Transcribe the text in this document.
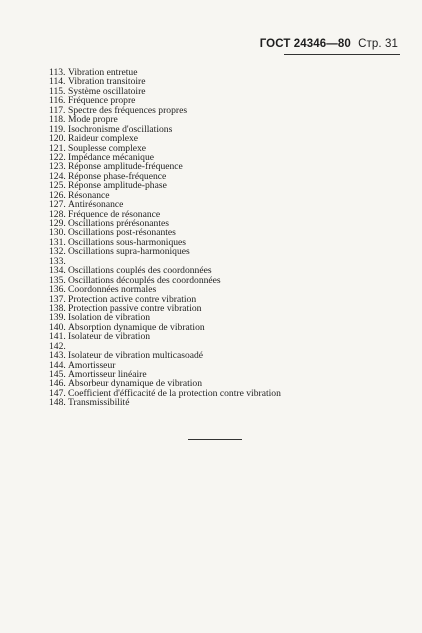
ГОСТ 24346—80 Стр. 31
113. Vibration entretue
114. Vibration transitoire
115. Système oscillatoire
116. Fréquence propre
117. Spectre des fréquences propres
118. Mode propre
119. Isochronisme d'oscillations
120. Raideur complexe
121. Souplesse complexe
122. Impédance mécanique
123. Réponse amplitude-fréquence
124. Réponse phase-fréquence
125. Réponse amplitude-phase
126. Résonance
127. Antirésonance
128. Fréquence de résonance
129. Oscillations prérésonantes
130. Oscillations post-résonantes
131. Oscillations sous-harmoniques
132. Oscillations supra-harmoniques
133.
134. Oscillations couplés des coordonnées
135. Oscillations découplés des coordonnées
136. Coordonnées normales
137. Protection active contre vibration
138. Protection passive contre vibration
139. Isolation de vibration
140. Absorption dynamique de vibration
141. Isolateur de vibration
142.
143. Isolateur de vibration multicasoadé
144. Amortisseur
145. Amortisseur linéaire
146. Absorbeur dynamique de vibration
147. Coefficient d'éfficacité de la protection contre vibration
148. Transmissibilité
